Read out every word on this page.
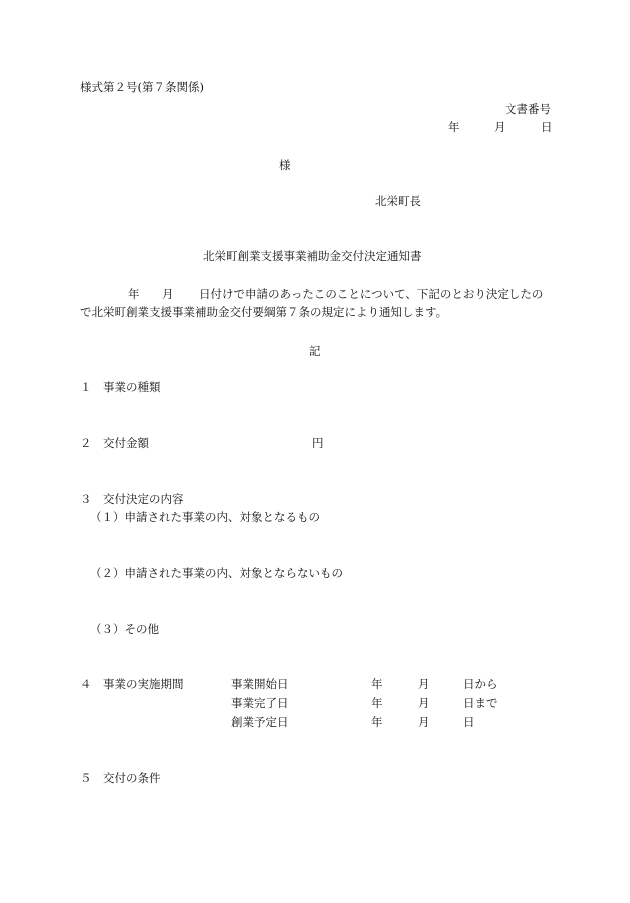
様式第２号(第７条関係)
文書番号
年	月	日
様
北栄町長
北栄町創業支援事業補助金交付決定通知書
年 月 日付けで申請のあったこのことについて、下記のとおり決定したの
で北栄町創業支援事業補助金交付要綱第７条の規定により通知します。
記
１　事業の種類
２　交付金額	円
３　交付決定の内容
（１）申請された事業の内、対象となるもの
（２）申請された事業の内、対象とならないもの
（３）その他
４　事業の実施期間	事業開始日	年	月	日から
事業完了日	年	月	日まで
創業予定日	年	月	日
５　交付の条件
